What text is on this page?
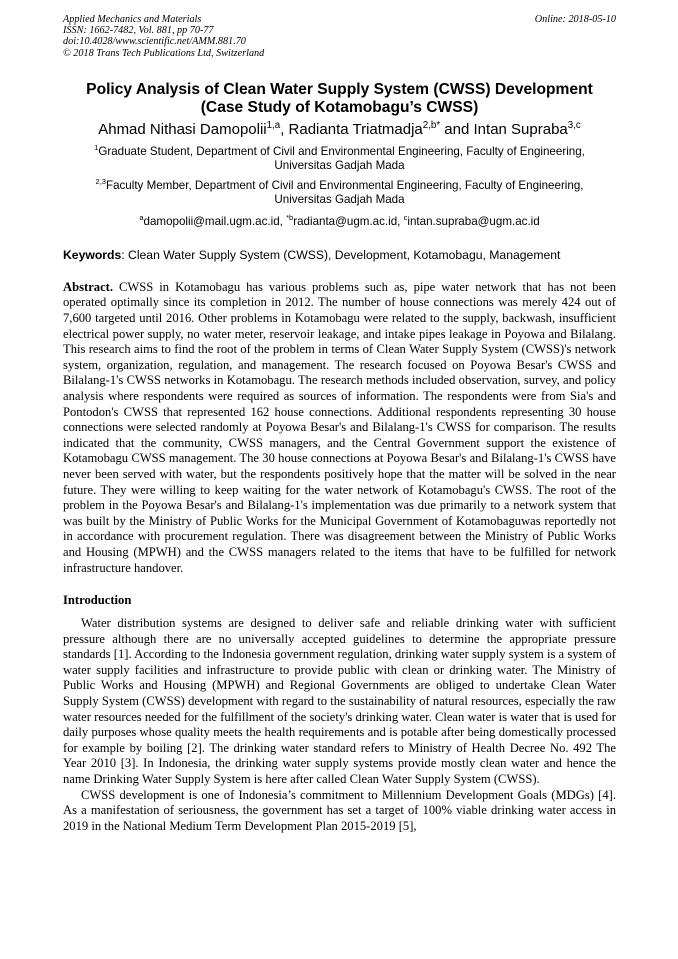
Applied Mechanics and Materials
ISSN: 1662-7482, Vol. 881, pp 70-77
doi:10.4028/www.scientific.net/AMM.881.70
© 2018 Trans Tech Publications Ltd, Switzerland
Online: 2018-05-10
Policy Analysis of Clean Water Supply System (CWSS) Development
(Case Study of Kotamobagu’s CWSS)
Ahmad Nithasi Damopolii$^{1,a}$, Radianta Triatmadja$^{2,b*}$ and Intan Supraba$^{3,c}$
$^1$Graduate Student, Department of Civil and Environmental Engineering, Faculty of Engineering,
Universitas Gadjah Mada
$^{2,3}$Faculty Member, Department of Civil and Environmental Engineering, Faculty of Engineering,
Universitas Gadjah Mada
$^a$damopolii@mail.ugm.ac.id, $^{*b}$radianta@ugm.ac.id, $^c$intan.supraba@ugm.ac.id
Keywords: Clean Water Supply System (CWSS), Development, Kotamobagu, Management
Abstract. CWSS in Kotamobagu has various problems such as, pipe water network that has not been operated optimally since its completion in 2012. The number of house connections was merely 424 out of 7,600 targeted until 2016. Other problems in Kotamobagu were related to the supply, backwash, insufficient electrical power supply, no water meter, reservoir leakage, and intake pipes leakage in Poyowa and Bilalang. This research aims to find the root of the problem in terms of Clean Water Supply System (CWSS)'s network system, organization, regulation, and management. The research focused on Poyowa Besar's CWSS and Bilalang-1's CWSS networks in Kotamobagu. The research methods included observation, survey, and policy analysis where respondents were required as sources of information. The respondents were from Sia's and Pontodon's CWSS that represented 162 house connections. Additional respondents representing 30 house connections were selected randomly at Poyowa Besar's and Bilalang-1's CWSS for comparison. The results indicated that the community, CWSS managers, and the Central Government support the existence of Kotamobagu CWSS management. The 30 house connections at Poyowa Besar's and Bilalang-1's CWSS have never been served with water, but the respondents positively hope that the matter will be solved in the near future. They were willing to keep waiting for the water network of Kotamobagu's CWSS. The root of the problem in the Poyowa Besar's and Bilalang-1's implementation was due primarily to a network system that was built by the Ministry of Public Works for the Municipal Government of Kotamobaguwas reportedly not in accordance with procurement regulation. There was disagreement between the Ministry of Public Works and Housing (MPWH) and the CWSS managers related to the items that have to be fulfilled for network infrastructure handover.
Introduction
Water distribution systems are designed to deliver safe and reliable drinking water with sufficient pressure although there are no universally accepted guidelines to determine the appropriate pressure standards [1]. According to the Indonesia government regulation, drinking water supply system is a system of water supply facilities and infrastructure to provide public with clean or drinking water. The Ministry of Public Works and Housing (MPWH) and Regional Governments are obliged to undertake Clean Water Supply System (CWSS) development with regard to the sustainability of natural resources, especially the raw water resources needed for the fulfillment of the society's drinking water. Clean water is water that is used for daily purposes whose quality meets the health requirements and is potable after being domestically processed for example by boiling [2]. The drinking water standard refers to Ministry of Health Decree No. 492 The Year 2010 [3]. In Indonesia, the drinking water supply systems provide mostly clean water and hence the name Drinking Water Supply System is here after called Clean Water Supply System (CWSS).
CWSS development is one of Indonesia’s commitment to Millennium Development Goals (MDGs) [4]. As a manifestation of seriousness, the government has set a target of 100% viable drinking water access in 2019 in the National Medium Term Development Plan 2015-2019 [5],
